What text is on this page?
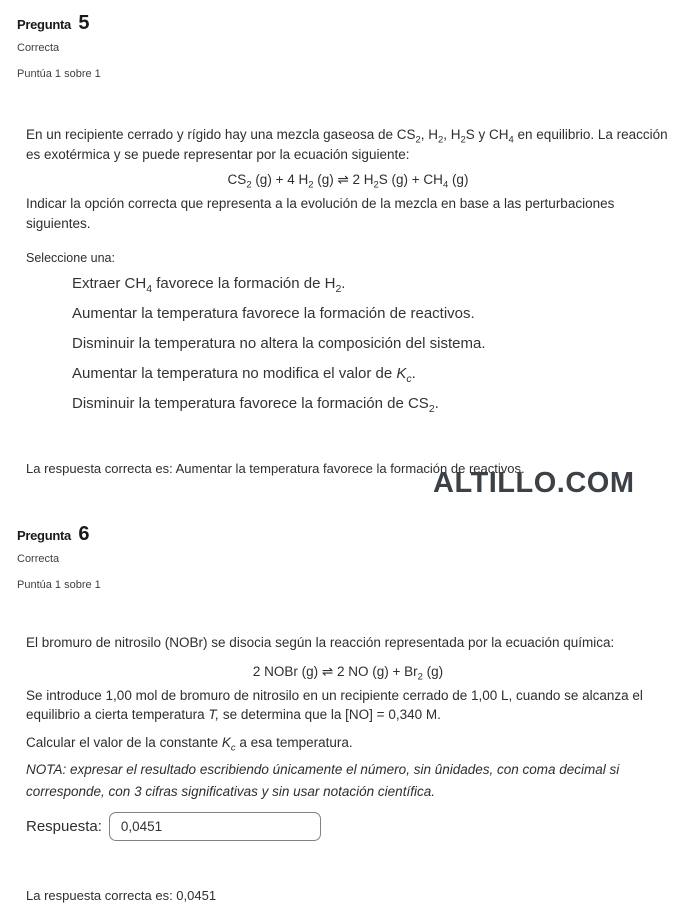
Pregunta 5
Correcta
Puntúa 1 sobre 1

En un recipiente cerrado y rígido hay una mezcla gaseosa de $CS_2$, $H_2$, $H_2S$ y $CH_4$ en equilibrio. La reacción es exotérmica y se puede representar por la ecuación siguiente:

$CS_2$ (g) + 4 $H_2$ (g) ⇌ 2 $H_2S$ $(g) + CH_4$ (g)

Indicar la opción correcta que representa a la evolución de la mezcla en base a las perturbaciones siguientes.

Seleccione una:

Extraer $CH_4$ favorece la formación de $H_2$.
Aumentar la temperatura favorece la formación de reactivos.
Disminuir la temperatura no altera la composición del sistema.
Aumentar la temperatura no modifica el valor de $K_c$.
Disminuir la temperatura favorece la formación de $CS_2$.

La respuesta correcta es: Aumentar la temperatura favorece la formación de reactivos.

ALTILLO.COM
Pregunta 6
Correcta
Puntúa 1 sobre 1

El bromuro de nitrosilo (NOBr) se disocia según la reacción representada por la ecuación química:

2 NOBr (g) ⇌ 2 NO $(g) + Br_2$ (g)

Se introduce 1,00 mol de bromuro de nitrosilo en un recipiente cerrado de 1,00 L, cuando se alcanza el equilibrio a cierta temperatura T, se determina que la [NO] = 0,340 M.

Calcular el valor de la constante $K_c$ a esa temperatura.

NOTA: expresar el resultado escribiendo únicamente el número, sin ûnidades, con coma decimal si corresponde, con 3 cifras significativas y sin usar notación científica.

Respuesta:
0,0451

La respuesta correcta es: 0,0451
